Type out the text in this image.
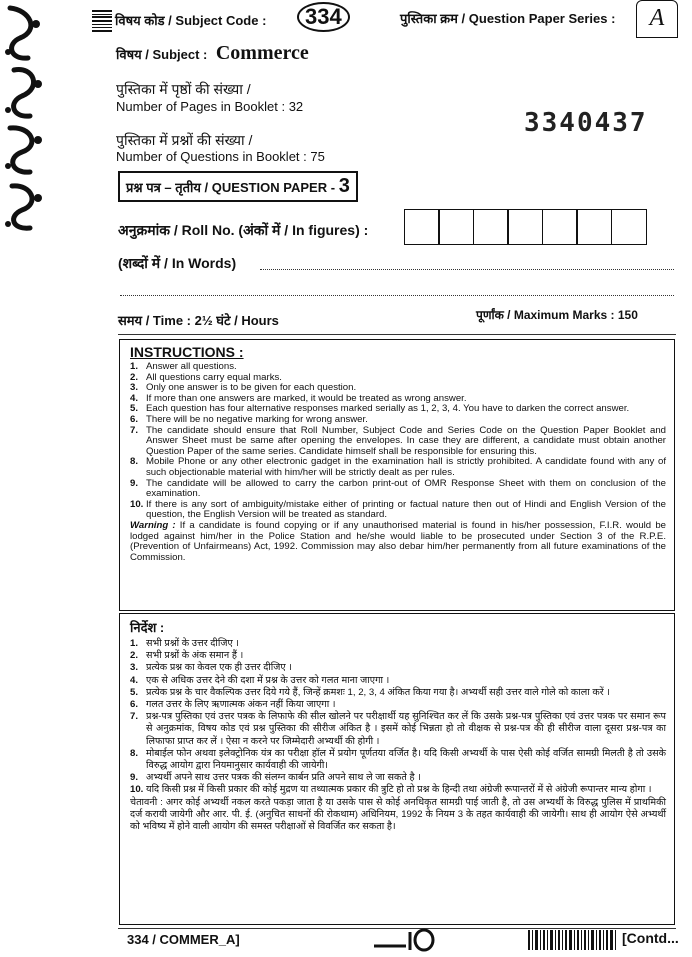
विषय कोड / Subject Code :	334	पुस्तिका क्रम / Question Paper Series :	A
विषय / Subject : Commerce
पुस्तिका में पृष्ठों की संख्या /
Number of Pages in Booklet : 32
3340437
पुस्तिका में प्रश्नों की संख्या /
Number of Questions in Booklet : 75
प्रश्न पत्र – तृतीय / QUESTION PAPER - 3
अनुक्रमांक / Roll No. (अंकों में / In figures) :
(शब्दों में / In Words)
समय / Time : 2½ घंटे / Hours	पूर्णांक / Maximum Marks : 150
INSTRUCTIONS :
1. Answer all questions.
2. All questions carry equal marks.
3. Only one answer is to be given for each question.
4. If more than one answers are marked, it would be treated as wrong answer.
5. Each question has four alternative responses marked serially as 1, 2, 3, 4. You have to darken the correct answer.
6. There will be no negative marking for wrong answer.
7. The candidate should ensure that Roll Number, Subject Code and Series Code on the Question Paper Booklet and Answer Sheet must be same after opening the envelopes. In case they are different, a candidate must obtain another Question Paper of the same series. Candidate himself shall be responsible for ensuring this.
8. Mobile Phone or any other electronic gadget in the examination hall is strictly prohibited. A candidate found with any of such objectionable material with him/her will be strictly dealt as per rules.
9. The candidate will be allowed to carry the carbon print-out of OMR Response Sheet with them on conclusion of the examination.
10. If there is any sort of ambiguity/mistake either of printing or factual nature then out of Hindi and English Version of the question, the English Version will be treated as standard.
Warning : If a candidate is found copying or if any unauthorised material is found in his/her possession, F.I.R. would be lodged against him/her in the Police Station and he/she would liable to be prosecuted under Section 3 of the R.P.E. (Prevention of Unfairmeans) Act, 1992. Commission may also debar him/her permanently from all future examinations of the Commission.
निर्देश :
1. सभी प्रश्नों के उत्तर दीजिए ।
2. सभी प्रश्नों के अंक समान हैं ।
3. प्रत्येक प्रश्न का केवल एक ही उत्तर दीजिए ।
4. एक से अधिक उत्तर देने की दशा में प्रश्न के उत्तर को गलत माना जाएगा ।
5. प्रत्येक प्रश्न के चार वैकल्पिक उत्तर दिये गये हैं, जिन्हें क्रमशः 1, 2, 3, 4 अंकित किया गया है। अभ्यर्थी सही उत्तर वाले गोले को काला करें ।
6. गलत उत्तर के लिए ऋणात्मक अंकन नहीं किया जाएगा ।
7. प्रश्न-पत्र पुस्तिका एवं उत्तर पत्रक के लिफाफे की सील खोलने पर परीक्षार्थी यह सुनिश्चित कर लें कि उसके प्रश्न-पत्र पुस्तिका एवं उत्तर पत्रक पर समान रूप से अनुक्रमांक, विषय कोड एवं प्रश्न पुस्तिका की सीरीज अंकित है । इसमें कोई भिन्नता हो तो वीक्षक से प्रश्न-पत्र की ही सीरीज वाला दूसरा प्रश्न-पत्र का लिफाफा प्राप्त कर लें । ऐसा न करने पर जिम्मेदारी अभ्यर्थी की होगी ।
8. मोबाईल फोन अथवा इलेक्ट्रोनिक यंत्र का परीक्षा हॉल में प्रयोग पूर्णतया वर्जित है। यदि किसी अभ्यर्थी के पास ऐसी कोई वर्जित सामग्री मिलती है तो उसके विरुद्ध आयोग द्वारा नियमानुसार कार्यवाही की जायेगी।
9. अभ्यर्थी अपने साथ उत्तर पत्रक की संलग्न कार्बन प्रति अपने साथ ले जा सकते है ।
10. यदि किसी प्रश्न में किसी प्रकार की कोई मुद्रण या तथ्यात्मक प्रकार की त्रुटि हो तो प्रश्न के हिन्दी तथा अंग्रेजी रूपान्तरों में से अंग्रेजी रूपान्तर मान्य होगा ।
चेतावनी : अगर कोई अभ्यर्थी नकल करते पकड़ा जाता है या उसके पास से कोई अनधिकृत सामग्री पाई जाती है, तो उस अभ्यर्थी के विरुद्ध पुलिस में प्राथमिकी दर्ज करायी जायेगी और आर. पी. ई. (अनुचित साधनों की रोकथाम) अधिनियम, 1992 के नियम 3 के तहत कार्यवाही की जायेगी। साथ ही आयोग ऐसे अभ्यर्थी को भविष्य में होने वाली आयोग की समस्त परीक्षाओं से विवर्जित कर सकता है।
334 / COMMER_A]	[Contd...
